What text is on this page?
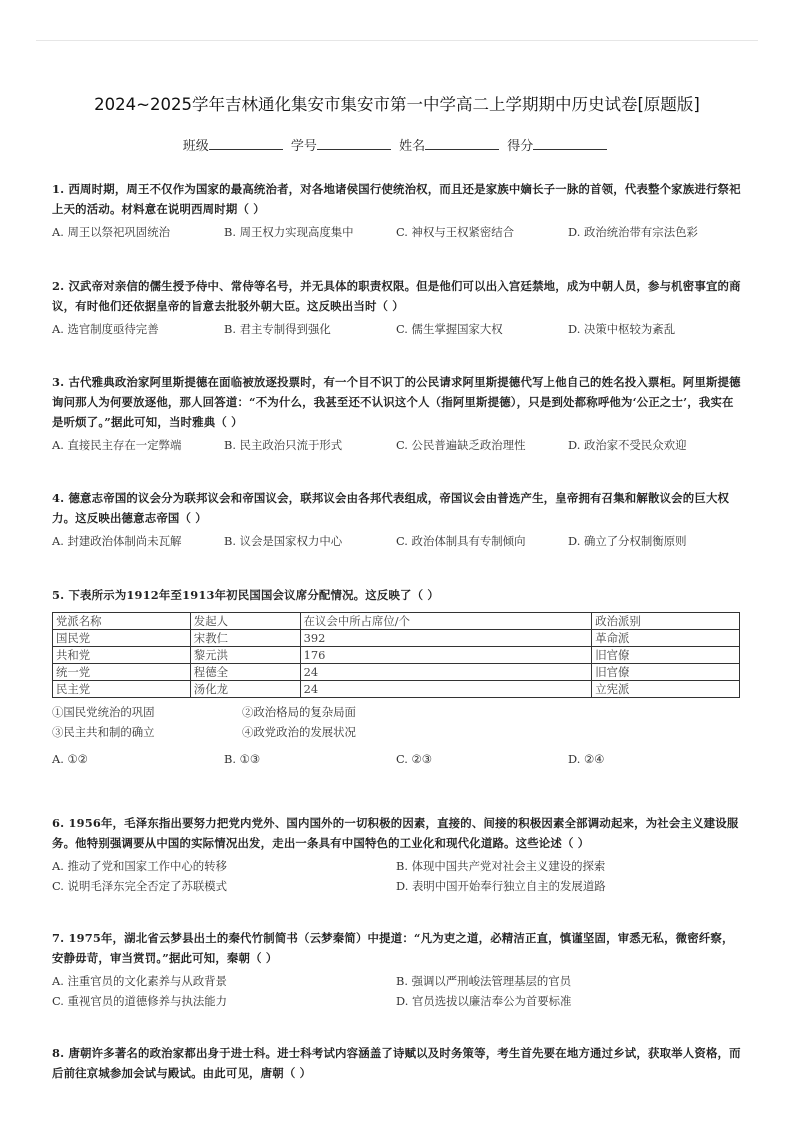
2024~2025学年吉林通化集安市集安市第一中学高二上学期期中历史试卷[原题版]
班级	学号	姓名	得分

1. 西周时期，周王不仅作为国家的最高统治者，对各地诸侯国行使统治权，而且还是家族中嫡长子一脉的首领，代表整个家族进行祭祀上天的活动。材料意在说明西周时期（ ）

A. 周王以祭祀巩固统治	B. 周王权力实现高度集中	C. 神权与王权紧密结合	D. 政治统治带有宗法色彩

2. 汉武帝对亲信的儒生授予侍中、常侍等名号，并无具体的职责权限。但是他们可以出入宫廷禁地，成为中朝人员，参与机密事宜的商议，有时他们还依据皇帝的旨意去批驳外朝大臣。这反映出当时（ ）

A. 选官制度亟待完善	B. 君主专制得到强化	C. 儒生掌握国家大权	D. 决策中枢较为紊乱

3. 古代雅典政治家阿里斯提德在面临被放逐投票时，有一个目不识丁的公民请求阿里斯提德代写上他自己的姓名投入票柜。阿里斯提德询问那人为何要放逐他，那人回答道：“不为什么，我甚至还不认识这个人（指阿里斯提德），只是到处都称呼他为‘公正之士’，我实在是听烦了。”据此可知，当时雅典（ ）

A. 直接民主存在一定弊端	B. 民主政治只流于形式	C. 公民普遍缺乏政治理性	D. 政治家不受民众欢迎

4. 德意志帝国的议会分为联邦议会和帝国议会，联邦议会由各邦代表组成，帝国议会由普选产生，皇帝拥有召集和解散议会的巨大权力。这反映出德意志帝国（ ）

A. 封建政治体制尚未瓦解	B. 议会是国家权力中心	C. 政治体制具有专制倾向	D. 确立了分权制衡原则

5. 下表所示为1912年至1913年初民国国会议席分配情况。这反映了（ ）

党派名称	发起人	在议会中所占席位/个	政治派别
国民党	宋教仁	392	革命派
共和党	黎元洪	176	旧官僚
统一党	程德全	24	旧官僚
民主党	汤化龙	24	立宪派
①国民党统治的巩固	②政治格局的复杂局面
③民主共和制的确立	④政党政治的发展状况
A. ①②	B. ①③	C. ②③	D. ②④

6. 1956年，毛泽东指出要努力把党内党外、国内国外的一切积极的因素，直接的、间接的积极因素全部调动起来，为社会主义建设服务。他特别强调要从中国的实际情况出发，走出一条具有中国特色的工业化和现代化道路。这些论述（ ）

A. 推动了党和国家工作中心的转移	B. 体现中国共产党对社会主义建设的探索
C. 说明毛泽东完全否定了苏联模式	D. 表明中国开始奉行独立自主的发展道路

7. 1975年，湖北省云梦县出土的秦代竹制简书（云梦秦简）中提道：“凡为吏之道，必精洁正直，慎谨坚固，审悉无私，微密纤察，安静毋苛，审当赏罚。”据此可知，秦朝（ ）

A. 注重官员的文化素养与从政背景	B. 强调以严刑峻法管理基层的官员
C. 重视官员的道德修养与执法能力	D. 官员选拔以廉洁奉公为首要标准

8. 唐朝许多著名的政治家都出身于进士科。进士科考试内容涵盖了诗赋以及时务策等，考生首先要在地方通过乡试，获取举人资格，而后前往京城参加会试与殿试。由此可见，唐朝（ ）
